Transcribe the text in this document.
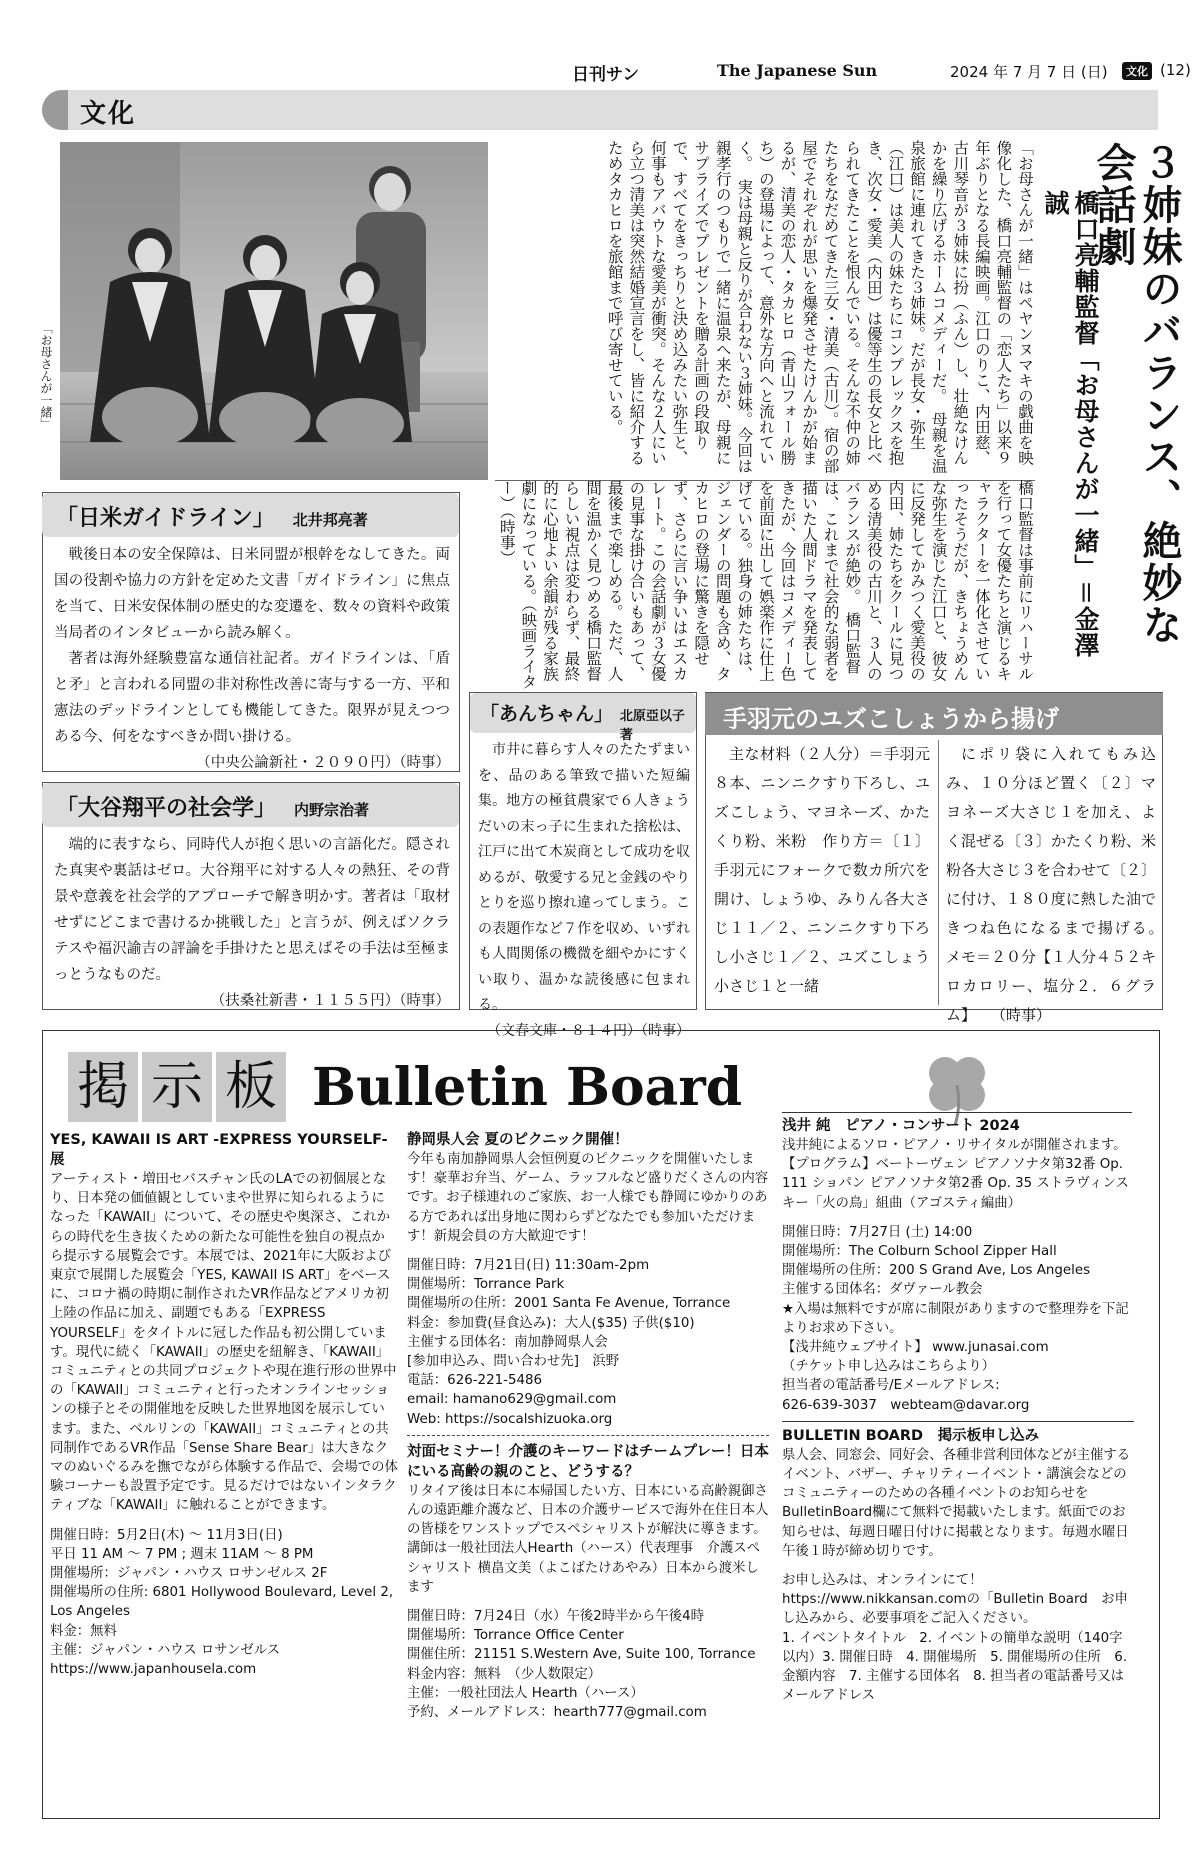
日刊サン	The Japanese Sun	2024 年 7 月 7 日 (日)	文化 (12)
文化
「お母さんが一緒」	３姉妹のバランス、絶妙な会話劇
橋口亮輔監督「お母さんが一緒」＝金澤誠
「お母さんが一緒」はペヤンヌマキの戯曲を映像化した、橋口亮輔監督の「恋人たち」以来９年ぶりとなる長編映画。江口のりこ、内田慈、古川琴音が３姉妹に扮（ふん）し、壮絶なけんかを繰り広げるホームコメディーだ。　母親を温泉旅館に連れてきた３姉妹。だが長女・弥生（江口）は美人の妹たちにコンプレックスを抱き、次女・愛美（内田）は優等生の長女と比べられてきたことを恨んでいる。そんな不仲の姉たちをなだめてきた三女・清美（古川）。宿の部屋でそれぞれが思いを爆発させたけんかが始まるが、清美の恋人・タカヒロ（青山フォール勝ち）の登場によって、意外な方向へと流れていく。　実は母親と反りが合わない３姉妹。今回は親孝行のつもりで一緒に温泉へ来たが、母親にサプライズでプレゼントを贈る計画の段取りで、すべてをきっちりと決め込みたい弥生と、何事もアバウトな愛美が衝突。そんな２人にいら立つ清美は突然結婚宣言をし、皆に紹介するためタカヒロを旅館まで呼び寄せている。
橋口監督は事前にリハーサルを行って女優たちと演じるキャラクターを一体化させていったそうだが、きちょうめんな弥生を演じた江口と、彼女に反発してかみつく愛美役の内田、姉たちをクールに見つめる清美役の古川と、３人のバランスが絶妙。　橋口監督は、これまで社会的な弱者を描いた人間ドラマを発表してきたが、今回はコメディー色を前面に出して娯楽作に仕上げている。独身の姉たちは、ジェンダーの問題も含め、タカヒロの登場に驚きを隠せず、さらに言い争いはエスカレート。この会話劇が３女優の見事な掛け合いもあって、最後まで楽しめる。ただ、人間を温かく見つめる橋口監督らしい視点は変わらず、最終的に心地よい余韻が残る家族劇になっている。（映画ライター）（時事）
「日米ガイドライン」 北井邦亮著

戦後日本の安全保障は、日米同盟が根幹をなしてきた。両国の役割や協力の方針を定めた文書「ガイドライン」に焦点を当て、日米安保体制の歴史的な変遷を、数々の資料や政策当局者のインタビューから読み解く。

著者は海外経験豊富な通信社記者。ガイドラインは、「盾と矛」と言われる同盟の非対称性改善に寄与する一方、平和憲法のデッドラインとしても機能してきた。限界が見えつつある今、何をなすべきか問い掛ける。

（中央公論新社・２０９０円）（時事）

「大谷翔平の社会学」 内野宗治著

端的に表すなら、同時代人が抱く思いの言語化だ。隠された真実や裏話はゼロ。大谷翔平に対する人々の熱狂、その背景や意義を社会学的アプローチで解き明かす。著者は「取材せずにどこまで書けるか挑戦した」と言うが、例えばソクラテスや福沢諭吉の評論を手掛けたと思えばその手法は至極まっとうなものだ。

（扶桑社新書・１１５５円）（時事）

「あんちゃん」 北原亞以子著

市井に暮らす人々のたたずまいを、品のある筆致で描いた短編集。地方の極貧農家で６人きょうだいの末っ子に生まれた捨松は、江戸に出て木炭商として成功を収めるが、敬愛する兄と金銭のやりとりを巡り擦れ違ってしまう。この表題作など７作を収め、いずれも人間関係の機微を細やかにすくい取り、温かな読後感に包まれる。

（文春文庫・８１４円）（時事）

手羽元のユズこしょうから揚げ

主な材料（２人分）＝手羽元８本、ニンニクすり下ろし、ユズこしょう、マヨネーズ、かたくり粉、米粉　作り方＝〔１〕手羽元にフォークで数カ所穴を開け、しょうゆ、みりん各大さじ１１／２、ニンニクすり下ろし小さじ１／２、ユズこしょう小さじ１と一緒

にポリ袋に入れてもみ込み、１０分ほど置く〔２〕マヨネーズ大さじ１を加え、よく混ぜる〔３〕かたくり粉、米粉各大さじ３を合わせて〔２〕に付け、１８０度に熱した油できつね色になるまで揚げる。　メモ＝２０分【１人分４５２キロカロリー、塩分２．６グラム】　　（時事）

掲 示 板 Bulletin Board
YES, KAWAII IS ART -EXPRESS YOURSELF-展

アーティスト・増田セバスチャン氏のLAでの初個展となり、日本発の価値観としていまや世界に知られるようになった「KAWAII」について、その歴史や奥深さ、これからの時代を生き抜くための新たな可能性を独自の視点から提示する展覧会です。本展では、2021年に大阪および東京で展開した展覧会「YES, KAWAII IS ART」をベースに、コロナ禍の時期に制作されたVR作品などアメリカ初上陸の作品に加え、副題でもある「EXPRESS YOURSELF」をタイトルに冠した作品も初公開しています。現代に続く「KAWAII」の歴史を紐解き、「KAWAII」コミュニティとの共同プロジェクトや現在進行形の世界中の「KAWAII」コミュニティと行ったオンラインセッションの様子とその開催地を反映した世界地図を展示しています。また、ベルリンの「KAWAII」コミュニティとの共同制作であるVR作品「Sense Share Bear」は大きなクマのぬいぐるみを撫でながら体験する作品で、会場での体験コーナーも設置予定です。見るだけではないインタラクティブな「KAWAII」に触れることができます。

開催日時：5月2日(木) 〜 11月3日(日)

平日 11 AM 〜 7 PM ; 週末 11AM 〜 8 PM

開催場所：ジャパン・ハウス ロサンゼルス 2F

開催場所の住所: 6801 Hollywood Boulevard, Level 2, Los Angeles

料金：無料

主催：ジャパン・ハウス ロサンゼルス

https://www.japanhousela.com

静岡県人会 夏のピクニック開催！

今年も南加静岡県人会恒例夏のピクニックを開催いたします！豪華お弁当、ゲーム、ラッフルなど盛りだくさんの内容です。お子様連れのご家族、お一人様でも静岡にゆかりのある方であれば出身地に関わらずどなたでも参加いただけます！新規会員の方大歓迎です！

開催日時：7月21日(日) 11:30am-2pm

開催場所：Torrance Park

開催場所の住所：2001 Santa Fe Avenue, Torrance

料金：参加費(昼食込み)：大人($35) 子供($10)

主催する団体名：南加静岡県人会

[参加申込み、問い合わせ先]　浜野

電話：626-221-5486

email: hamano629@gmail.com

Web: https://socalshizuoka.org

対面セミナー！介護のキーワードはチームプレー！日本にいる高齢の親のこと、どうする？

リタイア後は日本に本帰国したい方、日本にいる高齢親御さんの遠距離介護など、日本の介護サービスで海外在住日本人の皆様をワンストップでスペシャリストが解決に導きます。講師は一般社団法人Hearth（ハース）代表理事　介護スペシャリスト 横畠文美（よこばたけあやみ）日本から渡米します

開催日時：7月24日（水）午後2時半から午後4時

開催場所：Torrance Office Center

開催住所：21151 S.Western Ave, Suite 100, Torrance

料金内容：無料　（少人数限定）

主催：一般社団法人 Hearth（ハース）

予約、メールアドレス：hearth777@gmail.com

浅井 純　ピアノ・コンサート 2024

浅井純によるソロ・ピアノ・リサイタルが開催されます。　【プログラム】ベートーヴェン ピアノソナタ第32番 Op. 111 ショパン ピアノソナタ第2番 Op. 35 ストラヴィンスキー「火の鳥」組曲（アゴスティ編曲）

開催日時：7月27日 (土) 14:00

開催場所：The Colburn School Zipper Hall

開催場所の住所：200 S Grand Ave, Los Angeles

主催する団体名：ダヴァール教会

★入場は無料ですが席に制限がありますので整理券を下記よりお求め下さい。

【浅井純ウェブサイト】 www.junasai.com

（チケット申し込みはこちらより）

担当者の電話番号/Eメールアドレス:

626-639-3037　webteam@davar.org

BULLETIN BOARD　掲示板申し込み

県人会、同窓会、同好会、各種非営利団体などが主催するイベント、バザー、チャリティーイベント・講演会などのコミュニティーのための各種イベントのお知らせをBulletinBoard欄にて無料で掲載いたします。紙面でのお知らせは、毎週日曜日付けに掲載となります。毎週水曜日午後１時が締め切りです。

お申し込みは、オンラインにて！https://www.nikkansan.comの「Bulletin Board　お申し込みから、必要事項をご記入ください。

1. イベントタイトル　2. イベントの簡単な説明（140字以内）3. 開催日時　4. 開催場所　5. 開催場所の住所　6. 金額内容　7. 主催する団体名　8. 担当者の電話番号又はメールアドレス
